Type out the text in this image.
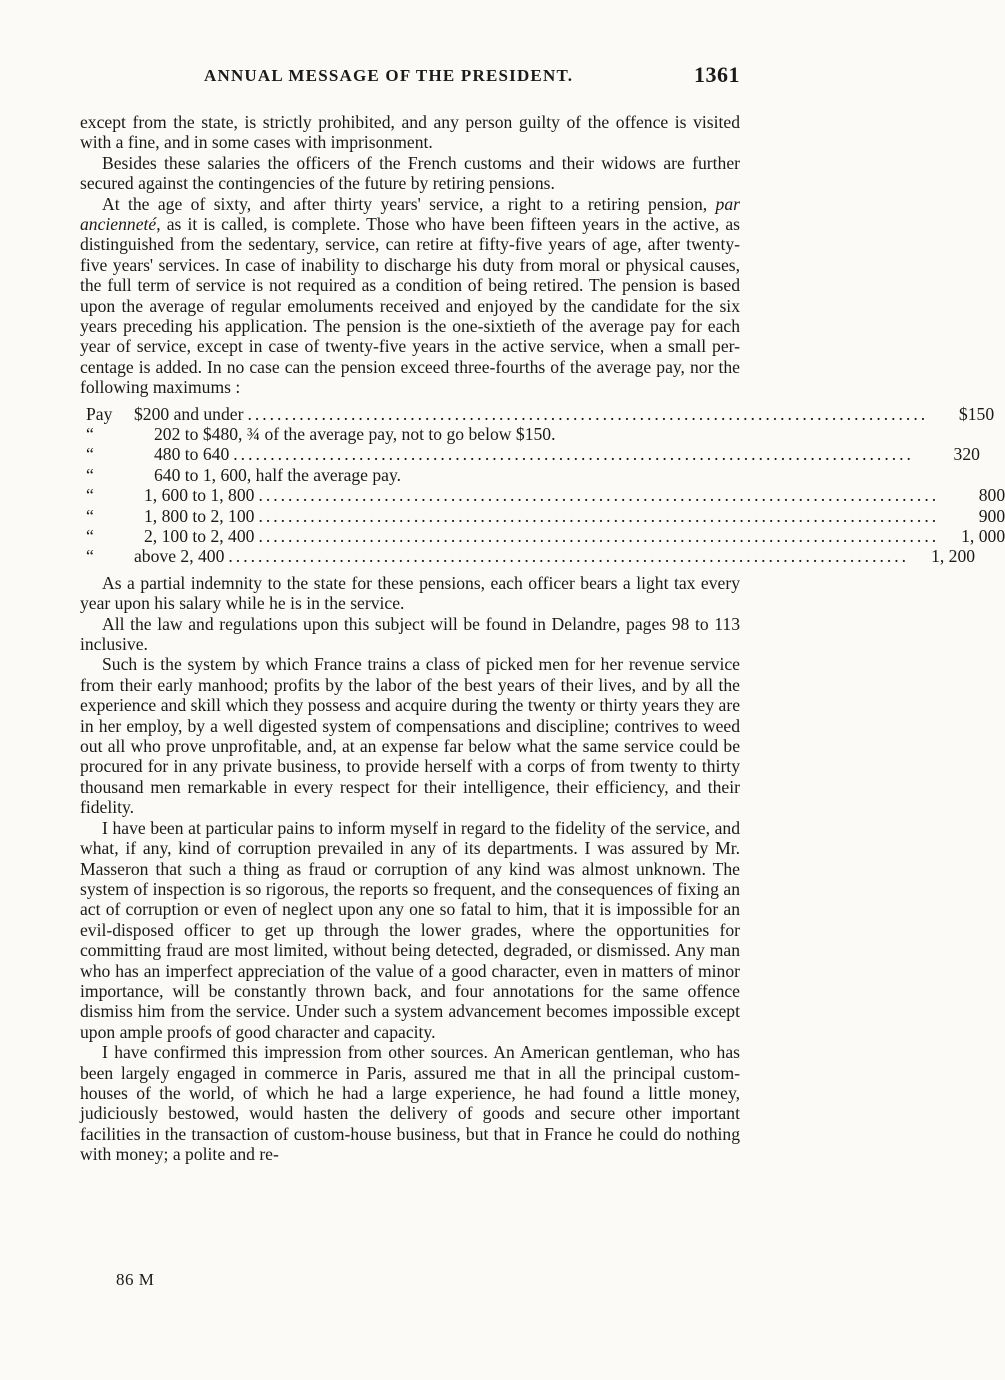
ANNUAL MESSAGE OF THE PRESIDENT.	1361

except from the state, is strictly prohibited, and any person guilty of the offence is visited with a fine, and in some cases with imprisonment.

Besides these salaries the officers of the French customs and their widows are further secured against the contingencies of the future by retiring pensions.

At the age of sixty, and after thirty years' service, a right to a retiring pension, par ancienneté, as it is called, is complete. Those who have been fifteen years in the active, as distinguished from the sedentary, service, can retire at fifty-five years of age, after twenty-five years' services. In case of inability to discharge his duty from moral or physical causes, the full term of service is not required as a condition of being retired. The pension is based upon the average of regular emoluments received and enjoyed by the candidate for the six years preceding his application. The pension is the one-sixtieth of the average pay for each year of service, except in case of twenty-five years in the active service, when a small per-centage is added. In no case can the pension exceed three-fourths of the average pay, nor the following maximums :

Pay	$200 and under ............................................................................................	$150
“	202 to $480, ¾ of the average pay, not to go below $150.
“	480 to 640 ............................................................................................	320
“	640 to 1, 600, half the average pay.
“	1, 600 to 1, 800 ............................................................................................	800
“	1, 800 to 2, 100 ............................................................................................	900
“	2, 100 to 2, 400 ............................................................................................	1, 000
“	above 2, 400 ............................................................................................	1, 200

As a partial indemnity to the state for these pensions, each officer bears a light tax every year upon his salary while he is in the service.

All the law and regulations upon this subject will be found in Delandre, pages 98 to 113 inclusive.

Such is the system by which France trains a class of picked men for her revenue service from their early manhood; profits by the labor of the best years of their lives, and by all the experience and skill which they possess and acquire during the twenty or thirty years they are in her employ, by a well digested system of compensations and discipline; contrives to weed out all who prove unprofitable, and, at an expense far below what the same service could be procured for in any private business, to provide herself with a corps of from twenty to thirty thousand men remarkable in every respect for their intelligence, their efficiency, and their fidelity.

I have been at particular pains to inform myself in regard to the fidelity of the service, and what, if any, kind of corruption prevailed in any of its departments. I was assured by Mr. Masseron that such a thing as fraud or corruption of any kind was almost unknown. The system of inspection is so rigorous, the reports so frequent, and the consequences of fixing an act of corruption or even of neglect upon any one so fatal to him, that it is impossible for an evil-disposed officer to get up through the lower grades, where the opportunities for committing fraud are most limited, without being detected, degraded, or dismissed. Any man who has an imperfect appreciation of the value of a good character, even in matters of minor importance, will be constantly thrown back, and four annotations for the same offence dismiss him from the service. Under such a system advancement becomes impossible except upon ample proofs of good character and capacity.

I have confirmed this impression from other sources. An American gentleman, who has been largely engaged in commerce in Paris, assured me that in all the principal custom-houses of the world, of which he had a large experience, he had found a little money, judiciously bestowed, would hasten the delivery of goods and secure other important facilities in the transaction of custom-house business, but that in France he could do nothing with money; a polite and re-

86 M
